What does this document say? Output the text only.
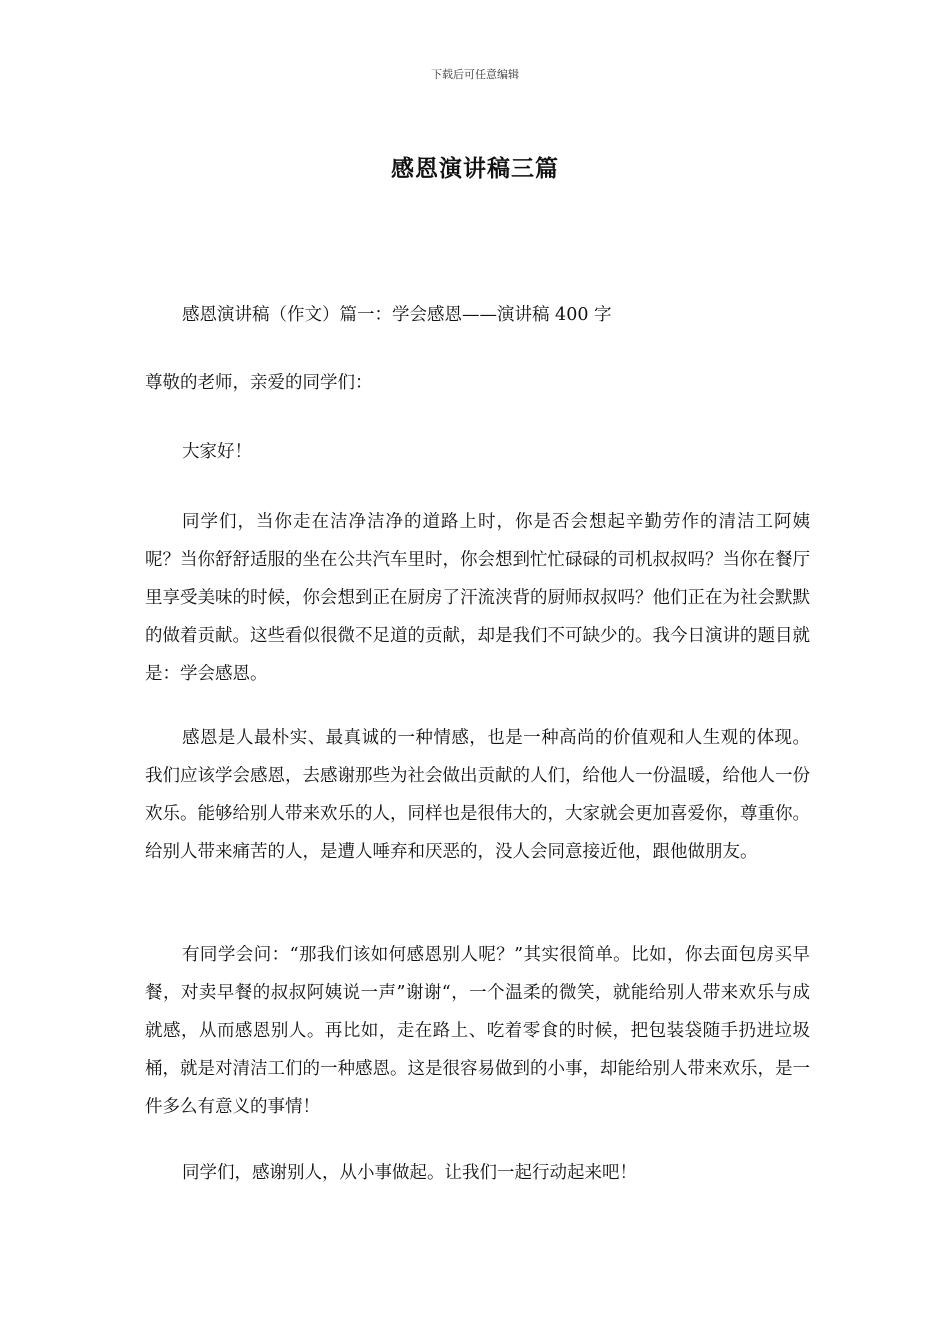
下载后可任意编辑
感恩演讲稿三篇

感恩演讲稿（作文）篇一：学会感恩——演讲稿 400 字

尊敬的老师，亲爱的同学们：

大家好！

同学们，当你走在洁净洁净的道路上时，你是否会想起辛勤劳作的清洁工阿姨呢？当你舒舒适服的坐在公共汽车里时，你会想到忙忙碌碌的司机叔叔吗？当你在餐厅里享受美味的时候，你会想到正在厨房了汗流浃背的厨师叔叔吗？他们正在为社会默默的做着贡献。这些看似很微不足道的贡献，却是我们不可缺少的。我今日演讲的题目就是：学会感恩。

感恩是人最朴实、最真诚的一种情感，也是一种高尚的价值观和人生观的体现。我们应该学会感恩，去感谢那些为社会做出贡献的人们，给他人一份温暖，给他人一份欢乐。能够给别人带来欢乐的人，同样也是很伟大的，大家就会更加喜爱你，尊重你。给别人带来痛苦的人，是遭人唾弃和厌恶的，没人会同意接近他，跟他做朋友。

有同学会问：“那我们该如何感恩别人呢？”其实很简单。比如，你去面包房买早餐，对卖早餐的叔叔阿姨说一声”谢谢“，一个温柔的微笑，就能给别人带来欢乐与成就感，从而感恩别人。再比如，走在路上、吃着零食的时候，把包装袋随手扔进垃圾桶，就是对清洁工们的一种感恩。这是很容易做到的小事，却能给别人带来欢乐，是一件多么有意义的事情！

同学们，感谢别人，从小事做起。让我们一起行动起来吧！
